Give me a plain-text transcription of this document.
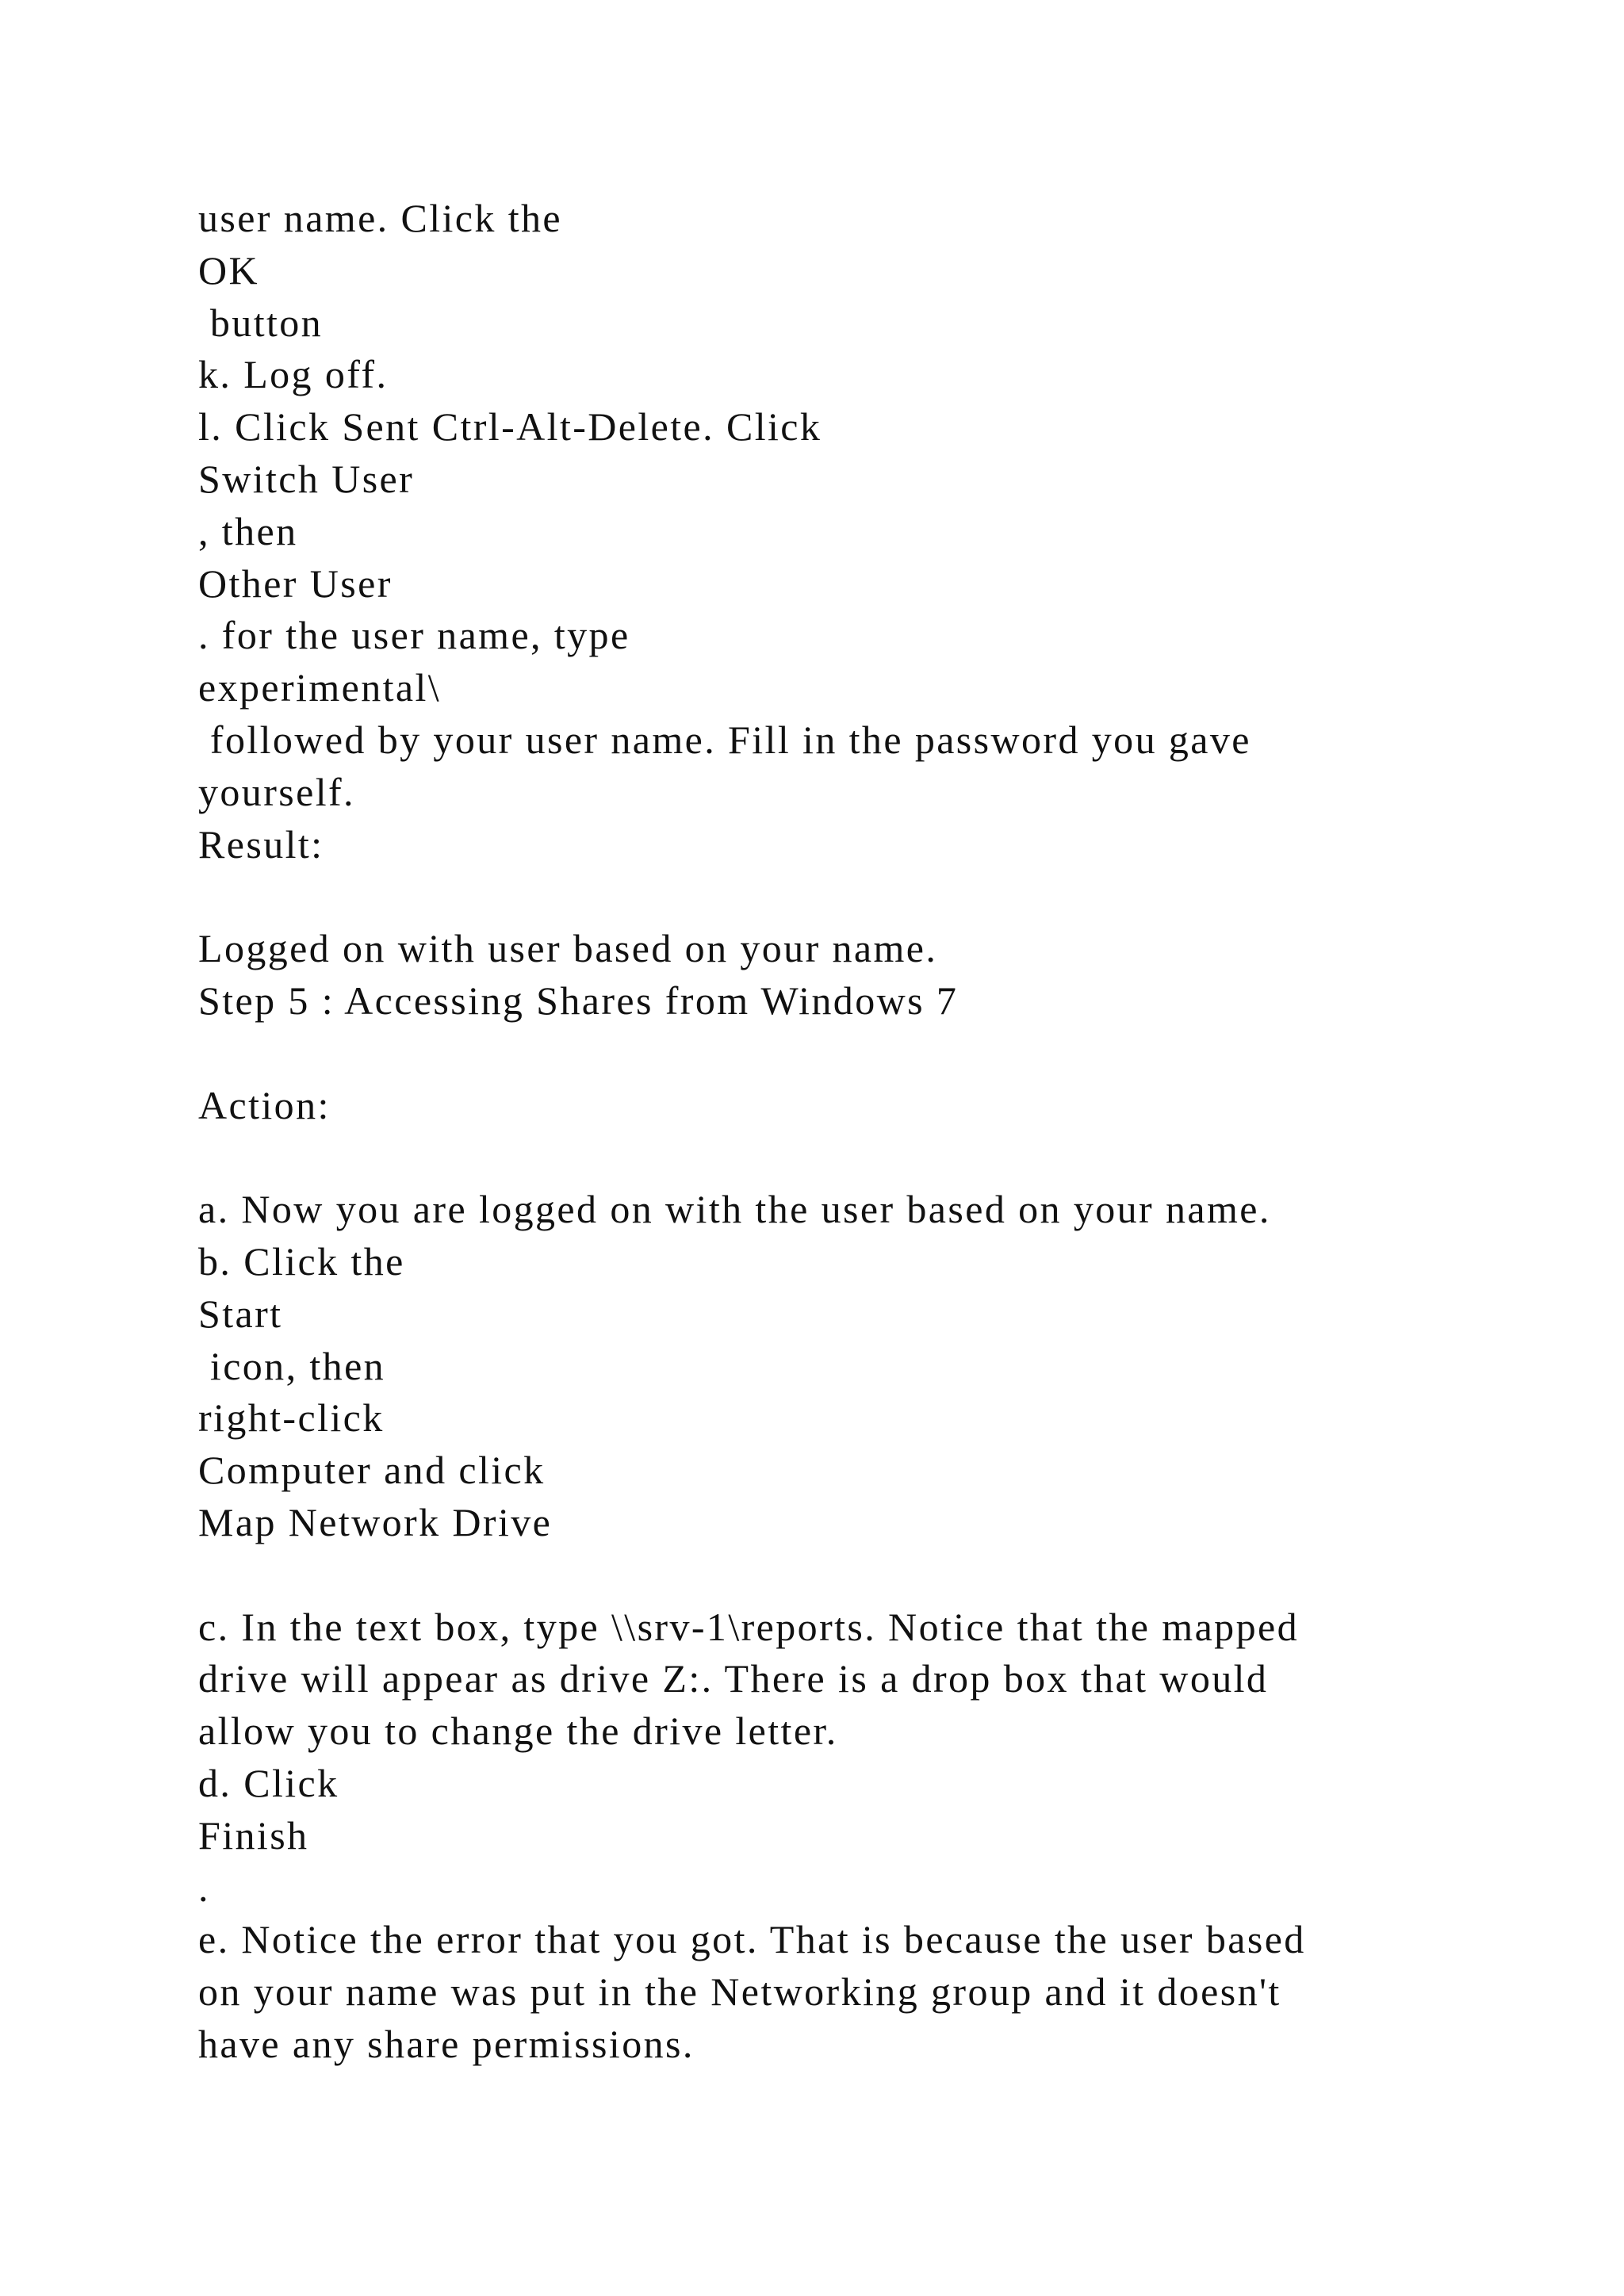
user name. Click the
OK
button
k. Log off.
l. Click Sent Ctrl-Alt-Delete. Click
Switch User
, then
Other User
. for the user name, type
experimental\
followed by your user name. Fill in the password you gave
yourself.
Result:
Logged on with user based on your name.
Step 5 : Accessing Shares from Windows 7
Action:
a. Now you are logged on with the user based on your name.
b. Click the
Start
icon, then
right-click
Computer and click
Map Network Drive
c. In the text box, type \\srv-1\reports. Notice that the mapped
drive will appear as drive Z:. There is a drop box that would
allow you to change the drive letter.
d. Click
Finish
.
e. Notice the error that you got. That is because the user based
on your name was put in the Networking group and it doesn't
have any share permissions.
